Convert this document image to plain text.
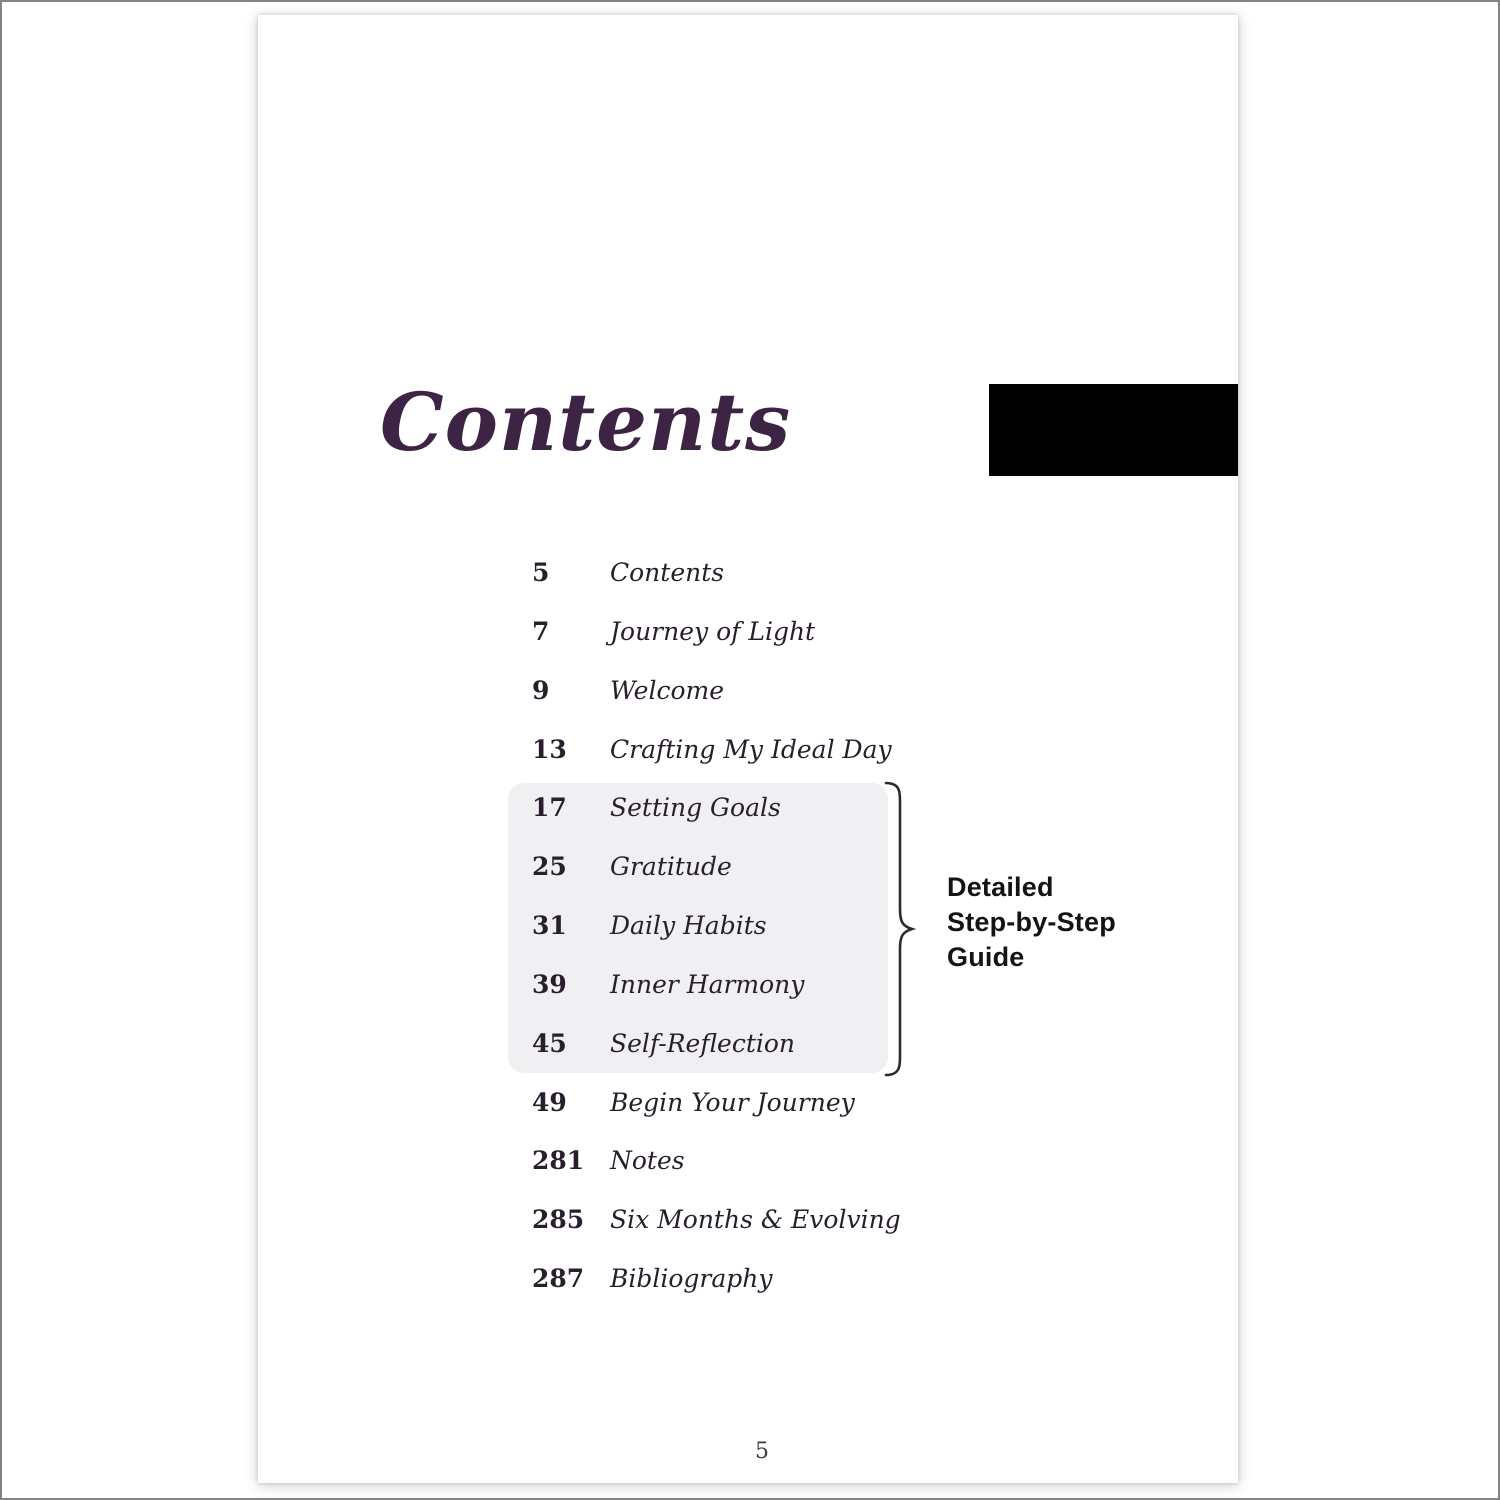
Contents
Detailed
Step-by-Step
Guide
5	Contents
7	Journey of Light
9	Welcome
13	Crafting My Ideal Day
17	Setting Goals
25	Gratitude
31	Daily Habits
39	Inner Harmony
45	Self-Reflection
49	Begin Your Journey
281	Notes
285	Six Months & Evolving
287	Bibliography
5
